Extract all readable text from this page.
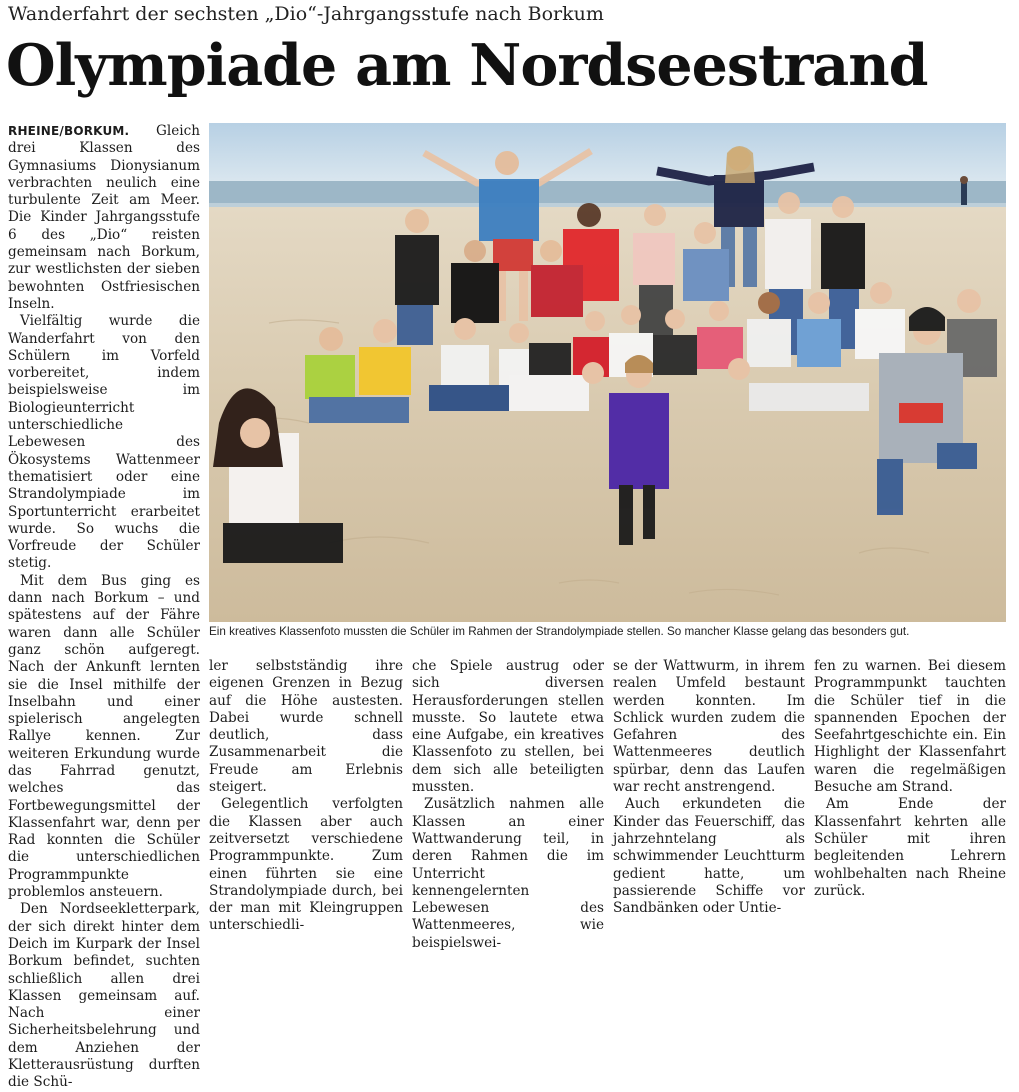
Wanderfahrt der sechsten „Dio“-Jahrgangsstufe nach Borkum
Olympiade am Nordseestrand

RHEINE/BORKUM. Gleich drei Klassen des Gymnasiums Dionysianum verbrachten neulich eine turbulente Zeit am Meer. Die Kinder Jahrgangsstufe 6 des „Dio“ reisten gemeinsam nach Borkum, zur westlichsten der sieben bewohnten Ostfriesischen Inseln.

Vielfältig wurde die Wanderfahrt von den Schülern im Vorfeld vorbereitet, indem beispielsweise im Biologieunterricht unterschiedliche Lebewesen des Ökosystems Wattenmeer thematisiert oder eine Strandolympiade im Sportunterricht erarbeitet wurde. So wuchs die Vorfreude der Schüler stetig.

Mit dem Bus ging es dann nach Borkum – und spätestens auf der Fähre waren dann alle Schüler ganz schön aufgeregt. Nach der Ankunft lernten sie die Insel mithilfe der Inselbahn und einer spielerisch angelegten Rallye kennen. Zur weiteren Erkundung wurde das Fahrrad genutzt, welches das Fortbewegungsmittel der Klassenfahrt war, denn per Rad konnten die Schüler die unterschiedlichen Programmpunkte problemlos ansteuern.

Den Nordseekletterpark, der sich direkt hinter dem Deich im Kurpark der Insel Borkum befindet, suchten schließlich allen drei Klassen gemeinsam auf. Nach einer Sicherheitsbelehrung und dem Anziehen der Kletterausrüstung durften die Schü-

Ein kreatives Klassenfoto mussten die Schüler im Rahmen der Strandolympiade stellen. So mancher Klasse gelang das besonders gut.

ler selbstständig ihre eigenen Grenzen in Bezug auf die Höhe austesten. Dabei wurde schnell deutlich, dass Zusammenarbeit die Freude am Erlebnis steigert.

Gelegentlich verfolgten die Klassen aber auch zeitversetzt verschiedene Programmpunkte. Zum einen führten sie eine Strandolympiade durch, bei der man mit Kleingruppen unterschiedli-

che Spiele austrug oder sich diversen Herausforderungen stellen musste. So lautete etwa eine Aufgabe, ein kreatives Klassenfoto zu stellen, bei dem sich alle beteiligten mussten.

Zusätzlich nahmen alle Klassen an einer Wattwanderung teil, in deren Rahmen die im Unterricht kennengelernten Lebewesen des Wattenmeeres, wie beispielswei-

se der Wattwurm, in ihrem realen Umfeld bestaunt werden konnten. Im Schlick wurden zudem die Gefahren des Wattenmeeres deutlich spürbar, denn das Laufen war recht anstrengend.

Auch erkundeten die Kinder das Feuerschiff, das jahrzehntelang als schwimmender Leuchtturm gedient hatte, um passierende Schiffe vor Sandbänken oder Untie-

fen zu warnen. Bei diesem Programmpunkt tauchten die Schüler tief in die spannenden Epochen der Seefahrtgeschichte ein. Ein Highlight der Klassenfahrt waren die regelmäßigen Besuche am Strand.

Am Ende der Klassenfahrt kehrten alle Schüler mit ihren begleitenden Lehrern wohlbehalten nach Rheine zurück.
